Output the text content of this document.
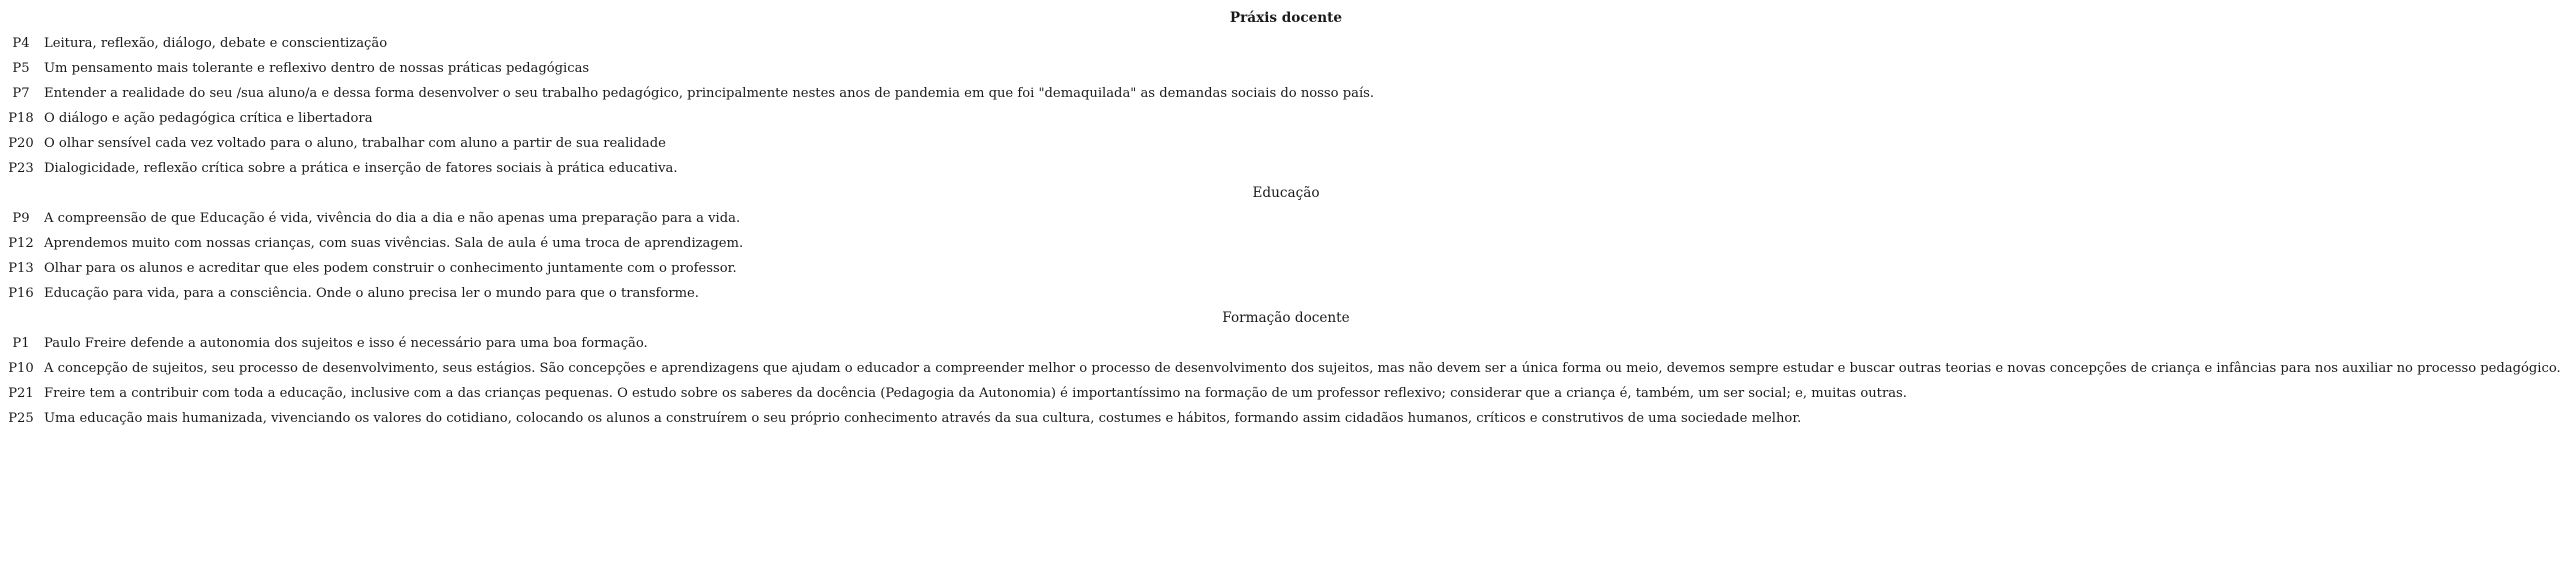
Práxis docente
P4	Leitura, reflexão, diálogo, debate e conscientização
P5	Um pensamento mais tolerante e reflexivo dentro de nossas práticas pedagógicas
P7	Entender a realidade do seu /sua aluno/a e dessa forma desenvolver o seu trabalho pedagógico, principalmente nestes anos de pandemia em que foi "demaquilada" as demandas sociais do nosso país.
P18 O diálogo e ação pedagógica crítica e libertadora
P20 O olhar sensível cada vez voltado para o aluno, trabalhar com aluno a partir de sua realidade
P23 Dialogicidade, reflexão crítica sobre a prática e inserção de fatores sociais à prática educativa.
Educação
P9	A compreensão de que Educação é vida, vivência do dia a dia e não apenas uma preparação para a vida.
P12 Aprendemos muito com nossas crianças, com suas vivências. Sala de aula é uma troca de aprendizagem.
P13 Olhar para os alunos e acreditar que eles podem construir o conhecimento juntamente com o professor.
P16 Educação para vida, para a consciência. Onde o aluno precisa ler o mundo para que o transforme.
Formação docente
P1	Paulo Freire defende a autonomia dos sujeitos e isso é necessário para uma boa formação.
P10 A concepção de sujeitos, seu processo de desenvolvimento, seus estágios. São concepções e aprendizagens que ajudam o educador a compreender melhor o processo de desenvolvimento dos sujeitos, mas não devem ser a única forma ou meio, devemos sempre estudar e buscar outras teorias e novas concepções de criança e infâncias para nos auxiliar no processo pedagógico.
P21 Freire tem a contribuir com toda a educação, inclusive com a das crianças pequenas. O estudo sobre os saberes da docência (Pedagogia da Autonomia) é importantíssimo na formação de um professor reflexivo; considerar que a criança é, também, um ser social; e, muitas outras.
P25 Uma educação mais humanizada, vivenciando os valores do cotidiano, colocando os alunos a construírem o seu próprio conhecimento através da sua cultura, costumes e hábitos, formando assim cidadãos humanos, críticos e construtivos de uma sociedade melhor.
